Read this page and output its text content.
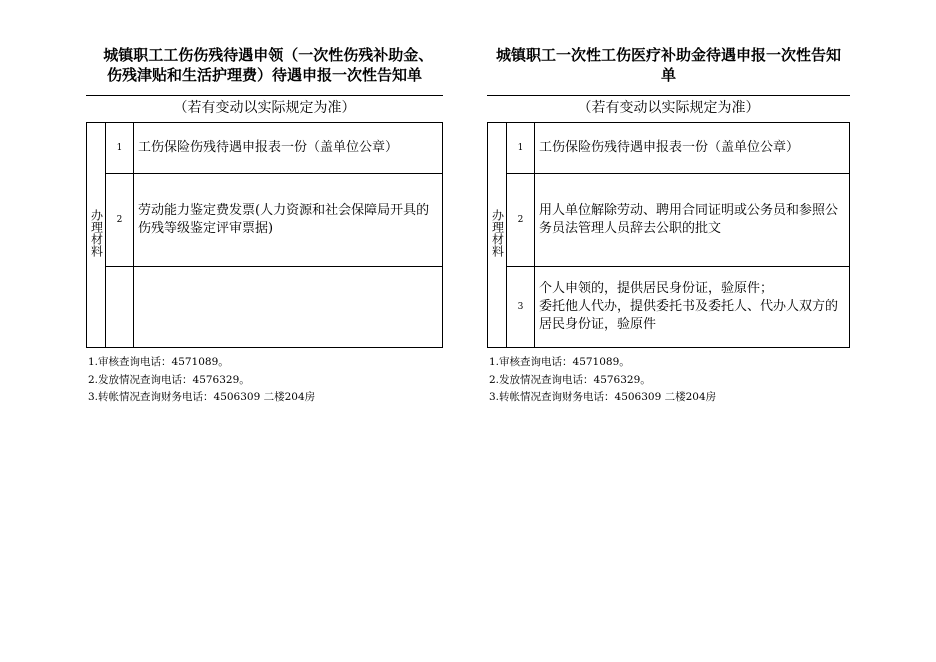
城镇职工工伤伤残待遇申领（一次性伤残补助金、　伤残津贴和生活护理费）待遇申报一次性告知单
（若有变动以实际规定为准）
办理材料	1	工伤保险伤残待遇申报表一份（盖单位公章）
	2	劳动能力鉴定费发票(人力资源和社会保障局开具的伤残等级鉴定评审票据)

1.审核查询电话：4571089。
2.发放情况查询电话：4576329。
3.转帐情况查询财务电话：4506309 二楼204房
城镇职工一次性工伤医疗补助金待遇申报一次性告知单
（若有变动以实际规定为准）
办理材料	1	工伤保险伤残待遇申报表一份（盖单位公章）
	2	用人单位解除劳动、聘用合同证明或公务员和参照公务员法管理人员辞去公职的批文
	3	个人申领的，提供居民身份证，验原件；
委托他人代办，提供委托书及委托人、代办人双方的居民身份证，验原件
1.审核查询电话：4571089。
2.发放情况查询电话：4576329。
3.转帐情况查询财务电话：4506309 二楼204房
